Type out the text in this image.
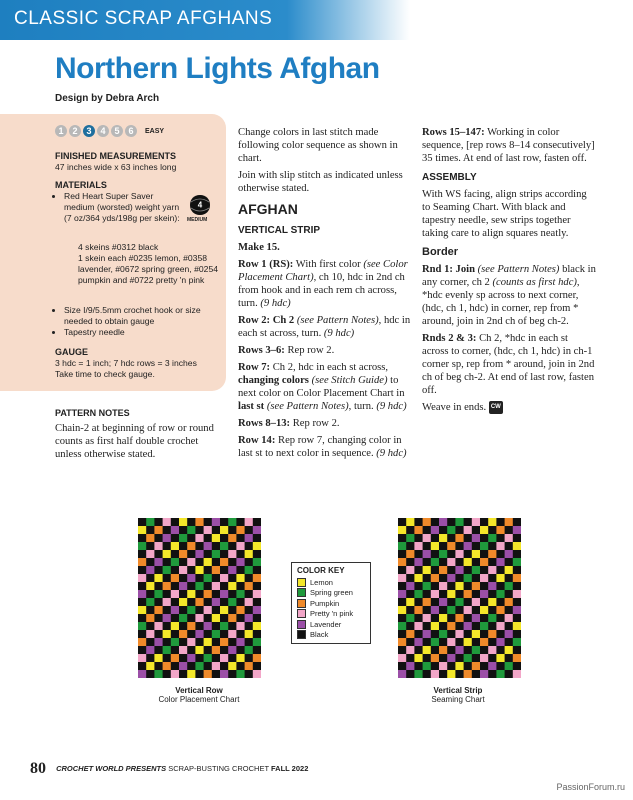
CLASSIC SCRAP AFGHANS
Northern Lights Afghan
Design by Debra Arch
1 2 3 4 5 6	EASY
FINISHED MEASUREMENTS
47 inches wide x 63 inches long
MATERIALS
• Red Heart Super Saver medium (worsted) weight yarn (7 oz/364 yds/198g per skein):
4 skeins #0312 black
1 skein each #0235 lemon, #0358 lavender, #0672 spring green, #0254 pumpkin and #0722 pretty 'n pink
• Size I/9/5.5mm crochet hook or size needed to obtain gauge
• Tapestry needle
4
MEDIUM
GAUGE
3 hdc = 1 inch; 7 hdc rows = 3 inches
Take time to check gauge.
PATTERN NOTES
Chain-2 at beginning of row or round counts as first half double crochet unless otherwise stated.

Change colors in last stitch made following color sequence as shown in chart.

Join with slip stitch as indicated unless otherwise stated.

AFGHAN
VERTICAL STRIP

Make 15.

Row 1 (RS): With first color (see Color Placement Chart), ch 10, hdc in 2nd ch from hook and in each rem ch across, turn. (9 hdc)

Row 2: Ch 2 (see Pattern Notes), hdc in each st across, turn. (9 hdc)

Rows 3–6: Rep row 2.

Row 7: Ch 2, hdc in each st across, changing colors (see Stitch Guide) to next color on Color Placement Chart in last st (see Pattern Notes), turn. (9 hdc)

Rows 8–13: Rep row 2.

Row 14: Rep row 7, changing color in last st to next color in sequence. (9 hdc)

Rows 15–147: Working in color sequence, [rep rows 8–14 consecutively] 35 times. At end of last row, fasten off.

ASSEMBLY

With WS facing, align strips according to Seaming Chart. With black and tapestry needle, sew strips together taking care to align squares neatly.

Border

Rnd 1: Join (see Pattern Notes) black in any corner, ch 2 (counts as first hdc), *hdc evenly sp across to next corner, (hdc, ch 1, hdc) in corner, rep from * around, join in 2nd ch of beg ch-2.

Rnds 2 & 3: Ch 2, *hdc in each st across to corner, (hdc, ch 1, hdc) in ch-1 corner sp, rep from * around, join in 2nd ch of beg ch-2. At end of last row, fasten off.

Weave in ends. CW

Vertical Row
Color Placement Chart
Vertical Strip
Seaming Chart
COLOR KEY
Lemon
Spring green
Pumpkin
Pretty 'n pink
Lavender
Black
80 CROCHET WORLD PRESENTS SCRAP-BUSTING CROCHET FALL 2022
PassionForum.ru
